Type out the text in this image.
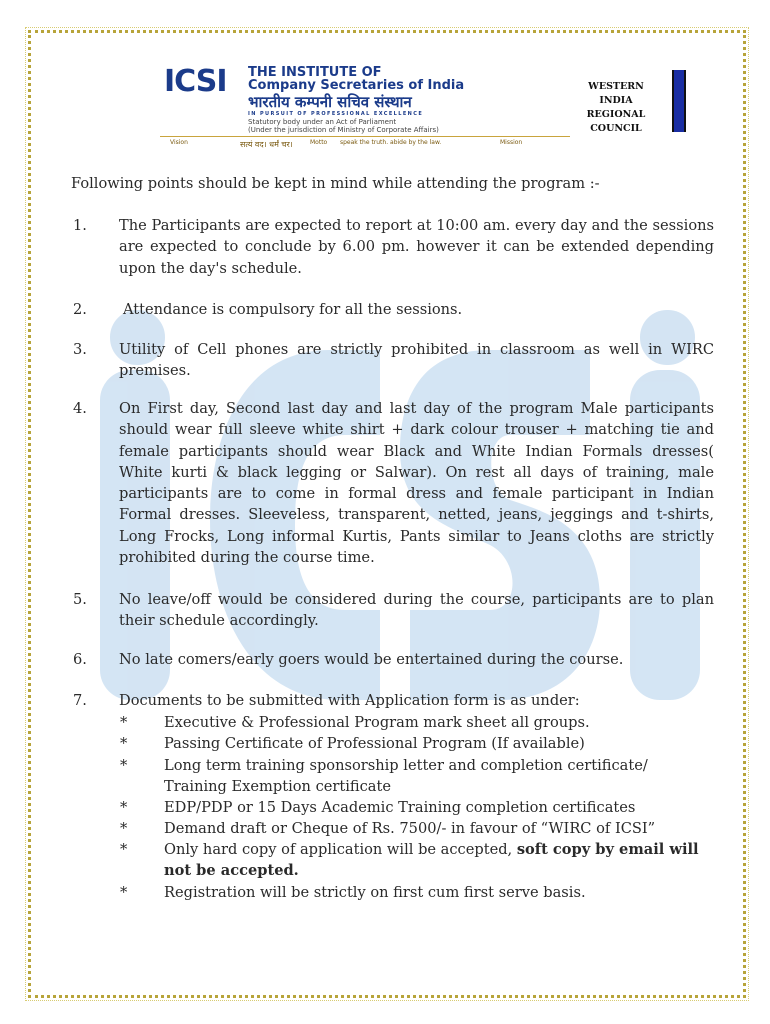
ICSI THE INSTITUTE OF
Company Secretaries of India
भारतीय कम्पनी सचिव संस्थान
IN PURSUIT OF PROFESSIONAL EXCELLENCE
Statutory body under an Act of Parliament
(Under the jurisdiction of Ministry of Corporate Affairs)
Vision	सत्यं वद। धर्मं चर।	Motto speak the truth. abide by the law.	Mission
WESTERN
INDIA
REGIONAL
COUNCIL
Following points should be kept in mind while attending the program :-
1. The Participants are expected to report at 10:00 am. every day and the sessions are expected to conclude by 6.00 pm. however it can be extended depending upon the day's schedule.
2. Attendance is compulsory for all the sessions.
3. Utility of Cell phones are strictly prohibited in classroom as well in WIRC premises.
4. On First day, Second last day and last day of the program Male participants should wear full sleeve white shirt + dark colour trouser + matching tie and female participants should wear Black and White Indian Formals dresses( White kurti & black legging or Salwar). On rest all days of training, male participants are to come in formal dress and female participant in Indian Formal dresses. Sleeveless, transparent, netted, jeans, jeggings and t-shirts, Long Frocks, Long informal Kurtis, Pants similar to Jeans cloths are strictly prohibited during the course time.
5. No leave/off would be considered during the course, participants are to plan their schedule accordingly.
6. No late comers/early goers would be entertained during the course.
7. Documents to be submitted with Application form is as under:
*	Executive & Professional Program mark sheet all groups.
*	Passing Certificate of Professional Program (If available)
*	Long term training sponsorship letter and completion certificate/ Training Exemption certificate
*	EDP/PDP or 15 Days Academic Training completion certificates
*	Demand draft or Cheque of Rs. 7500/- in favour of “WIRC of ICSI”
*	Only hard copy of application will be accepted, soft copy by email will not be accepted.
*	Registration will be strictly on first cum first serve basis.
